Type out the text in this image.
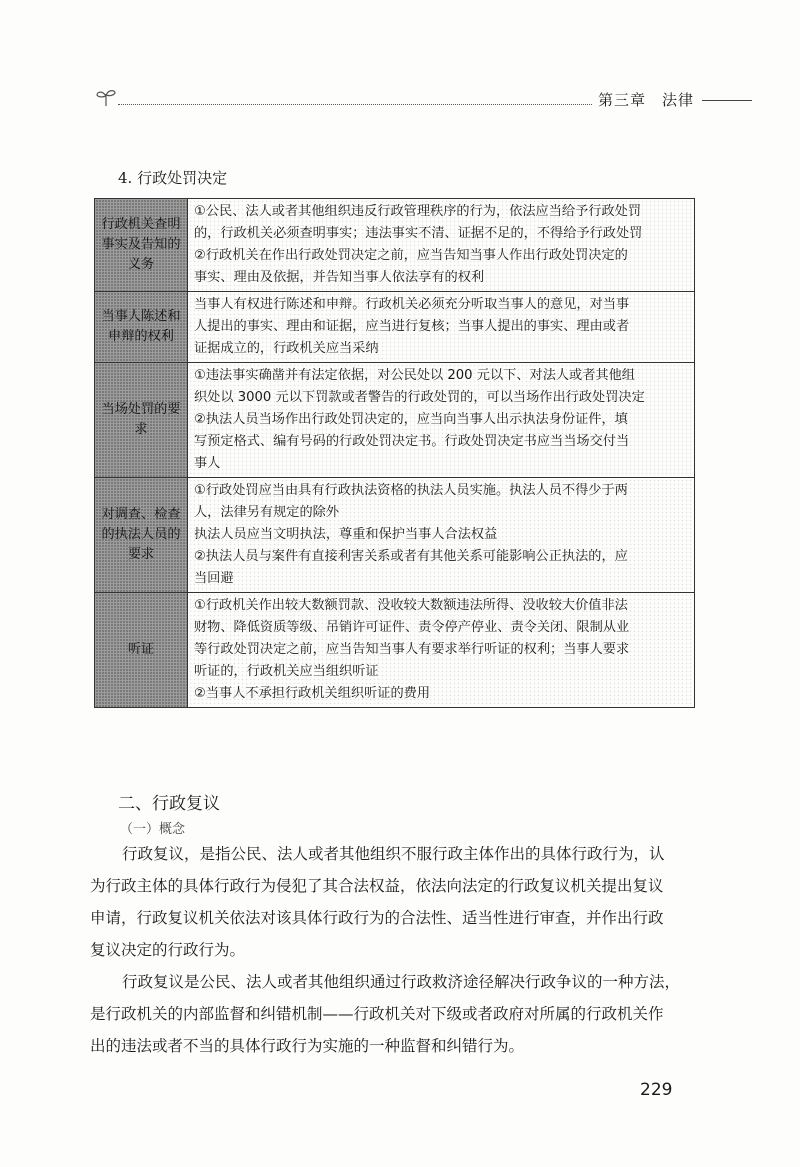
第三章　法律
4. 行政处罚决定
行政机关查明事实及告知的义务	①公民、法人或者其他组织违反行政管理秩序的行为，依法应当给予行政处罚
的，行政机关必须查明事实；违法事实不清、证据不足的，不得给予行政处罚
②行政机关在作出行政处罚决定之前，应当告知当事人作出行政处罚决定的
事实、理由及依据，并告知当事人依法享有的权利

当事人陈述和申辩的权利	当事人有权进行陈述和申辩。行政机关必须充分听取当事人的意见，对当事
人提出的事实、理由和证据，应当进行复核；当事人提出的事实、理由或者
证据成立的，行政机关应当采纳

当场处罚的要求	①违法事实确凿并有法定依据，对公民处以 200 元以下、对法人或者其他组
织处以 3000 元以下罚款或者警告的行政处罚的，可以当场作出行政处罚决定
②执法人员当场作出行政处罚决定的，应当向当事人出示执法身份证件，填
写预定格式、编有号码的行政处罚决定书。行政处罚决定书应当当场交付当
事人

对调查、检查的执法人员的要求	①行政处罚应当由具有行政执法资格的执法人员实施。执法人员不得少于两
人，法律另有规定的除外
执法人员应当文明执法，尊重和保护当事人合法权益
②执法人员与案件有直接利害关系或者有其他关系可能影响公正执法的，应
当回避

听证	①行政机关作出较大数额罚款、没收较大数额违法所得、没收较大价值非法
财物、降低资质等级、吊销许可证件、责令停产停业、责令关闭、限制从业
等行政处罚决定之前，应当告知当事人有要求举行听证的权利；当事人要求
听证的，行政机关应当组织听证
②当事人不承担行政机关组织听证的费用
二、行政复议
（一）概念
行政复议，是指公民、法人或者其他组织不服行政主体作出的具体行政行为，认
为行政主体的具体行政行为侵犯了其合法权益，依法向法定的行政复议机关提出复议
申请，行政复议机关依法对该具体行政行为的合法性、适当性进行审查，并作出行政
复议决定的行政行为。
行政复议是公民、法人或者其他组织通过行政救济途径解决行政争议的一种方法，
是行政机关的内部监督和纠错机制——行政机关对下级或者政府对所属的行政机关作
出的违法或者不当的具体行政行为实施的一种监督和纠错行为。
229
